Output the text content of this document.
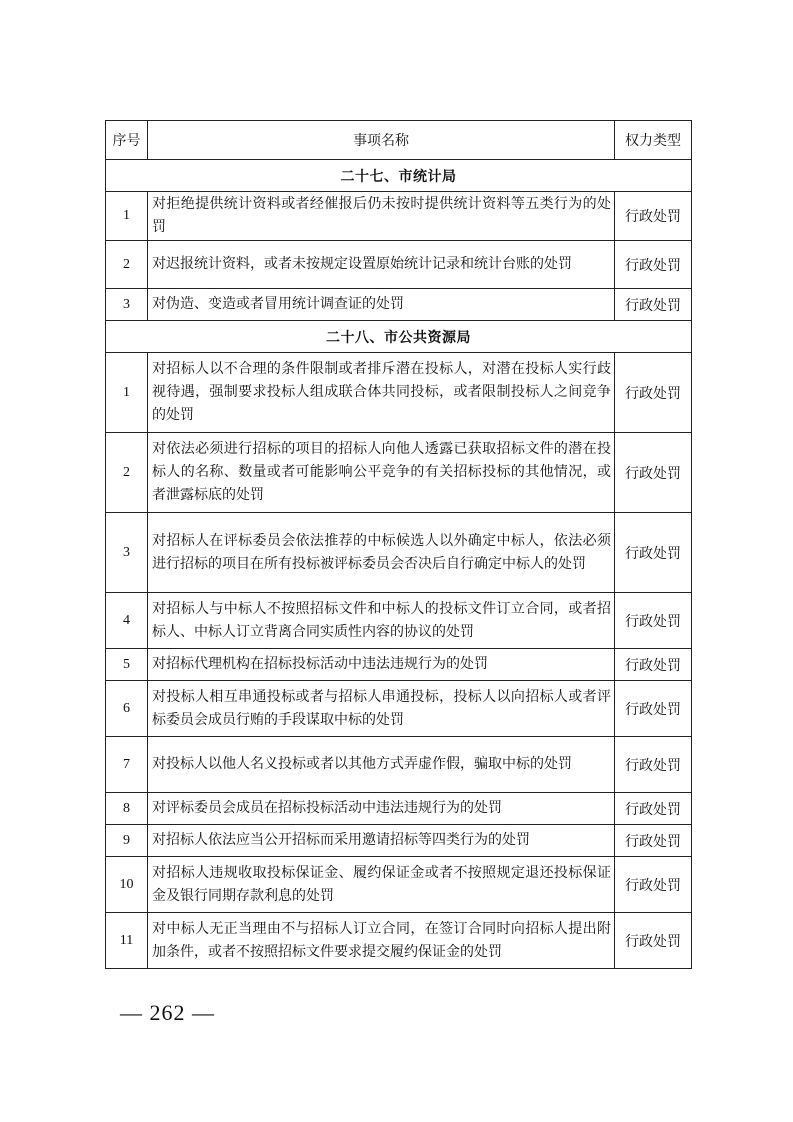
序号	事项名称	权力类型
二十七、市统计局		
1	对拒绝提供统计资料或者经催报后仍未按时提供统计资料等五类行为的处罚	行政处罚
2	对迟报统计资料，或者未按规定设置原始统计记录和统计台账的处罚	行政处罚
3	对伪造、变造或者冒用统计调查证的处罚	行政处罚
二十八、市公共资源局		
1	对招标人以不合理的条件限制或者排斥潜在投标人，对潜在投标人实行歧视待遇，强制要求投标人组成联合体共同投标，或者限制投标人之间竞争的处罚	行政处罚
2	对依法必须进行招标的项目的招标人向他人透露已获取招标文件的潜在投标人的名称、数量或者可能影响公平竞争的有关招标投标的其他情况，或者泄露标底的处罚	行政处罚
3	对招标人在评标委员会依法推荐的中标候选人以外确定中标人，依法必须进行招标的项目在所有投标被评标委员会否决后自行确定中标人的处罚	行政处罚
4	对招标人与中标人不按照招标文件和中标人的投标文件订立合同，或者招标人、中标人订立背离合同实质性内容的协议的处罚	行政处罚
5	对招标代理机构在招标投标活动中违法违规行为的处罚	行政处罚
6	对投标人相互串通投标或者与招标人串通投标，投标人以向招标人或者评标委员会成员行贿的手段谋取中标的处罚	行政处罚
7	对投标人以他人名义投标或者以其他方式弄虚作假，骗取中标的处罚	行政处罚
8	对评标委员会成员在招标投标活动中违法违规行为的处罚	行政处罚
9	对招标人依法应当公开招标而采用邀请招标等四类行为的处罚	行政处罚
10	对招标人违规收取投标保证金、履约保证金或者不按照规定退还投标保证金及银行同期存款利息的处罚	行政处罚
11	对中标人无正当理由不与招标人订立合同，在签订合同时向招标人提出附加条件，或者不按照招标文件要求提交履约保证金的处罚	行政处罚
— 262 —
